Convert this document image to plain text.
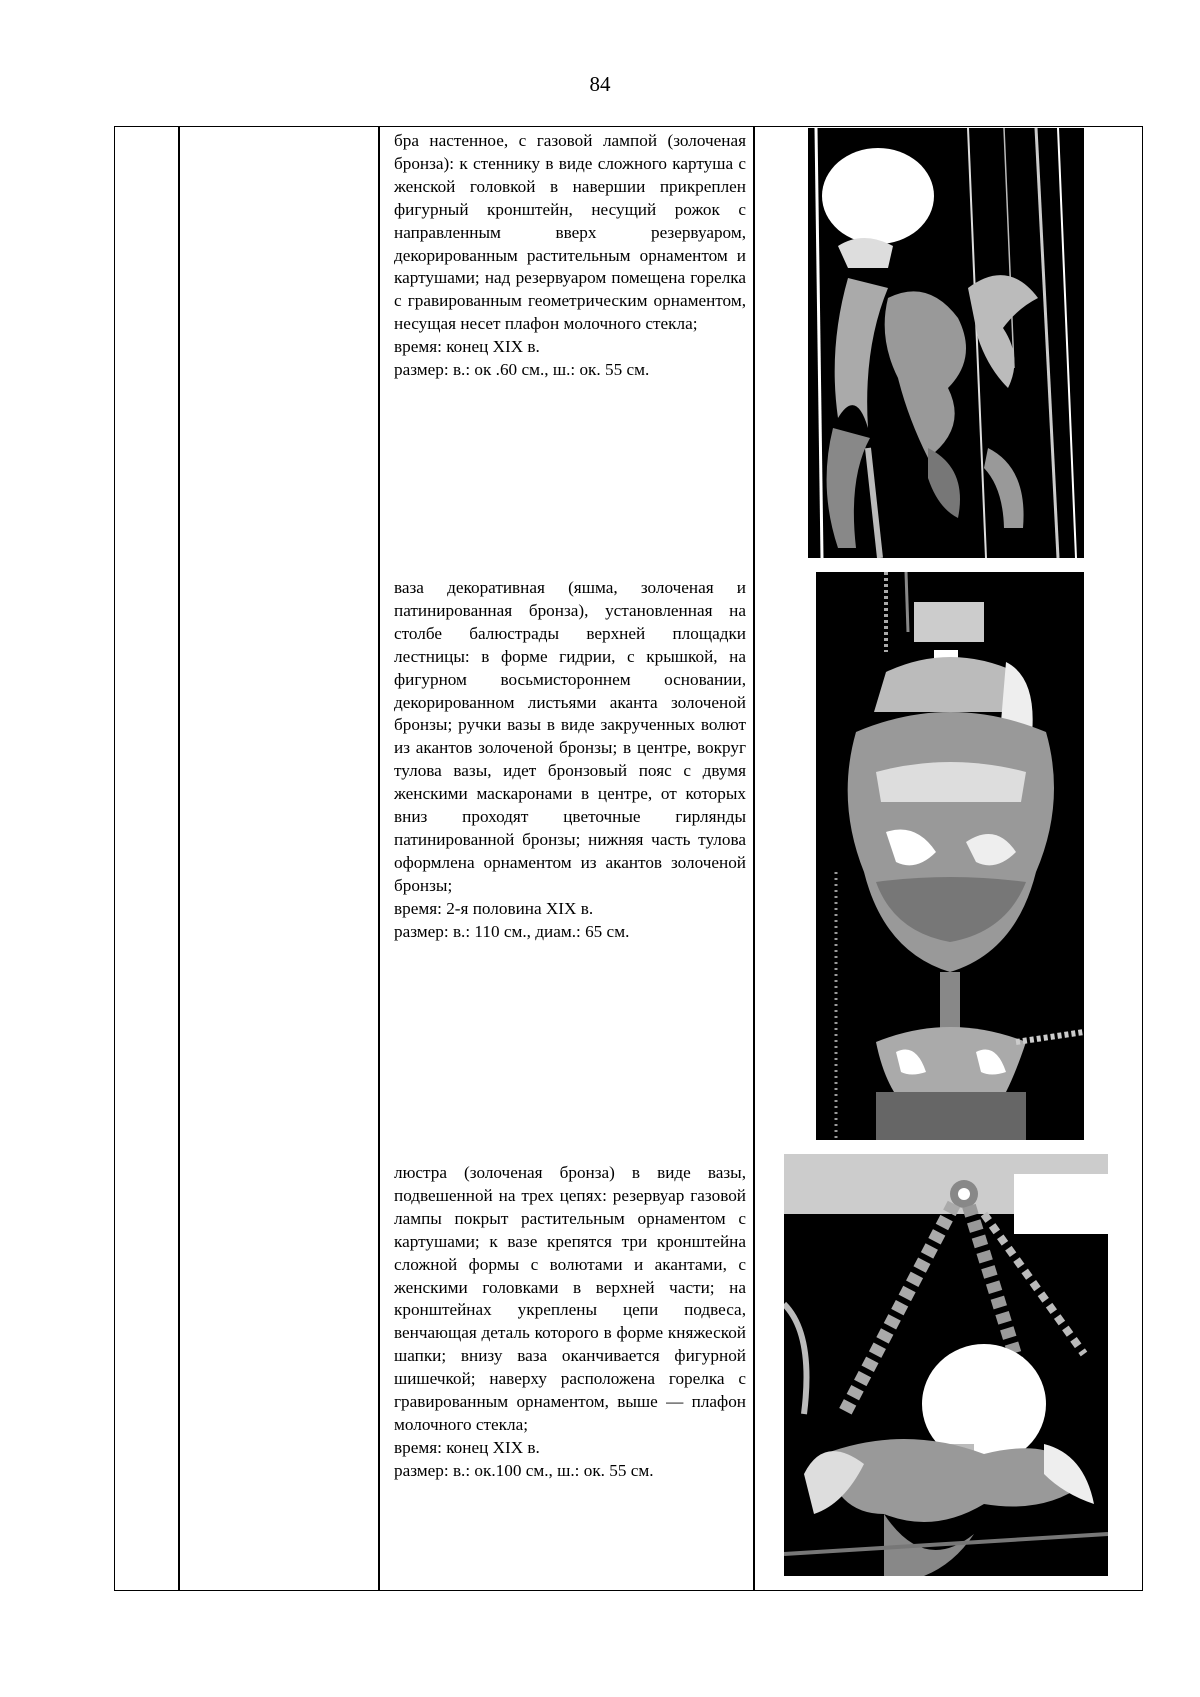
84

бра настенное, с газовой лампой (золоченая бронза): к стеннику в виде сложного картуша с женской головкой в навершии прикреплен фигурный кронштейн, несущий рожок с направленным вверх резервуаром, декорированным растительным орнаментом и картушами; над резервуаром помещена горелка с гравированным геометрическим орнаментом, несущая несет плафон молочного стекла;

время: конец XIX в.

размер: в.: ок .60 см., ш.: ок. 55 см.

ваза декоративная (яшма, золоченая и патинированная бронза), установленная на столбе балюстрады верхней площадки лестницы: в форме гидрии, с крышкой, на фигурном восьмистороннем основании, декорированном листьями аканта золоченой бронзы; ручки вазы в виде закрученных волют из акантов золоченой бронзы; в центре, вокруг тулова вазы, идет бронзовый пояс с двумя женскими маскаронами в центре, от которых вниз проходят цветочные гирлянды патинированной бронзы; нижняя часть тулова оформлена орнаментом из акантов золоченой бронзы;

время: 2-я половина XIX в.

размер: в.: 110 см., диам.: 65 см.

люстра (золоченая бронза) в виде вазы, подвешенной на трех цепях: резервуар газовой лампы покрыт растительным орнаментом с картушами; к вазе крепятся три кронштейна сложной формы с волютами и акантами, с женскими головками в верхней части; на кронштейнах укреплены цепи подвеса, венчающая деталь которого в форме княжеской шапки; внизу ваза оканчивается фигурной шишечкой; наверху расположена горелка с гравированным орнаментом, выше — плафон молочного стекла;

время: конец XIX в.

размер: в.: ок.100 см., ш.: ок. 55 см.
